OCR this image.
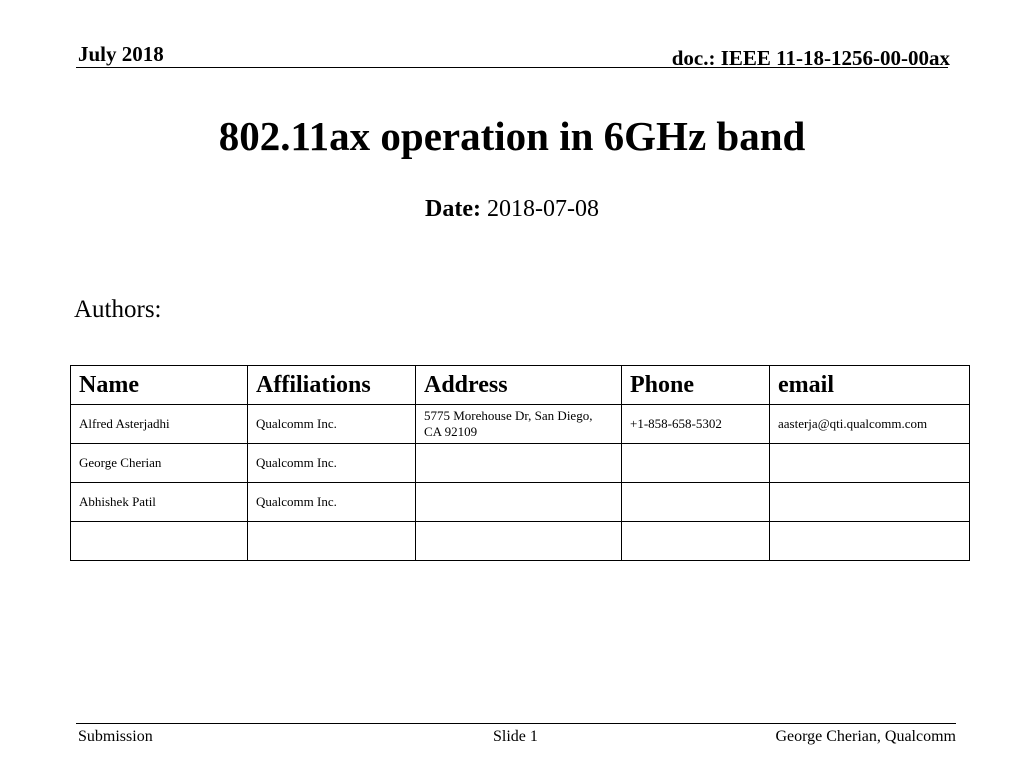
July 2018	doc.: IEEE 11-18-1256-00-00ax
802.11ax operation in 6GHz band
Date: 2018-07-08
Authors:
Name	Affiliations	Address	Phone	email
Alfred Asterjadhi	Qualcomm Inc.	5775 Morehouse Dr, San Diego, CA 92109	+1-858-658-5302	aasterja@qti.qualcomm.com
George Cherian	Qualcomm Inc.			
Abhishek Patil	Qualcomm Inc.			

Submission	Slide 1	George Cherian, Qualcomm
